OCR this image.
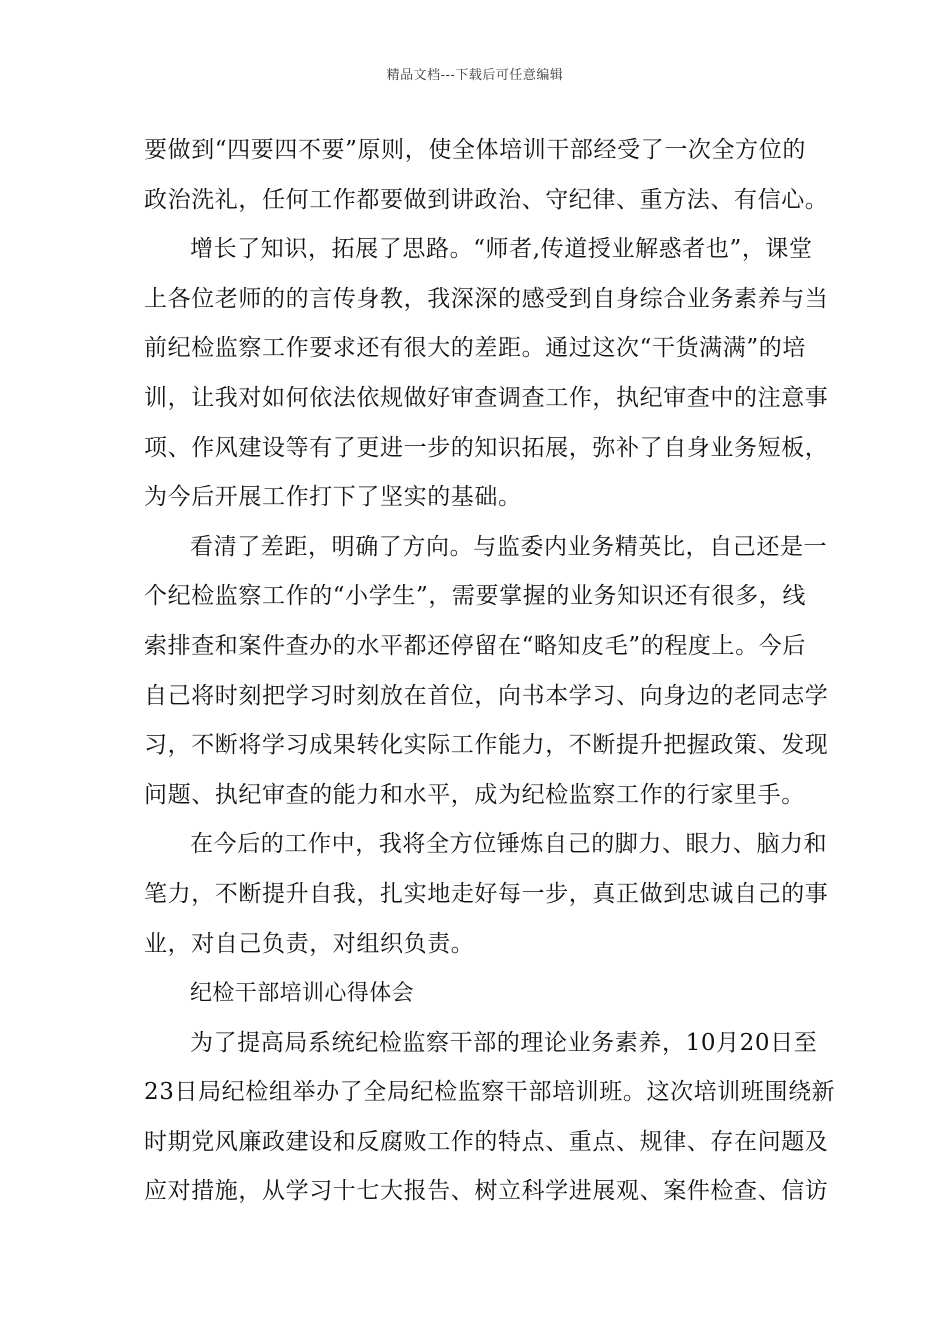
精品文档---下载后可任意编辑
要做到“四要四不要”原则，使全体培训干部经受了一次全方位的
政治洗礼，任何工作都要做到讲政治、守纪律、重方法、有信心。
增长了知识，拓展了思路。“师者,传道授业解惑者也”，课堂
上各位老师的的言传身教，我深深的感受到自身综合业务素养与当
前纪检监察工作要求还有很大的差距。通过这次“干货满满”的培
训，让我对如何依法依规做好审查调查工作，执纪审查中的注意事
项、作风建设等有了更进一步的知识拓展，弥补了自身业务短板，
为今后开展工作打下了坚实的基础。
看清了差距，明确了方向。与监委内业务精英比，自己还是一
个纪检监察工作的“小学生”，需要掌握的业务知识还有很多，线
索排查和案件查办的水平都还停留在“略知皮毛”的程度上。今后
自己将时刻把学习时刻放在首位，向书本学习、向身边的老同志学
习，不断将学习成果转化实际工作能力，不断提升把握政策、发现
问题、执纪审查的能力和水平，成为纪检监察工作的行家里手。
在今后的工作中，我将全方位锤炼自己的脚力、眼力、脑力和
笔力，不断提升自我，扎实地走好每一步，真正做到忠诚自己的事
业，对自己负责，对组织负责。
纪检干部培训心得体会
为了提高局系统纪检监察干部的理论业务素养，10月20日至
23日局纪检组举办了全局纪检监察干部培训班。这次培训班围绕新
时期党风廉政建设和反腐败工作的特点、重点、规律、存在问题及
应对措施，从学习十七大报告、树立科学进展观、案件检查、信访
